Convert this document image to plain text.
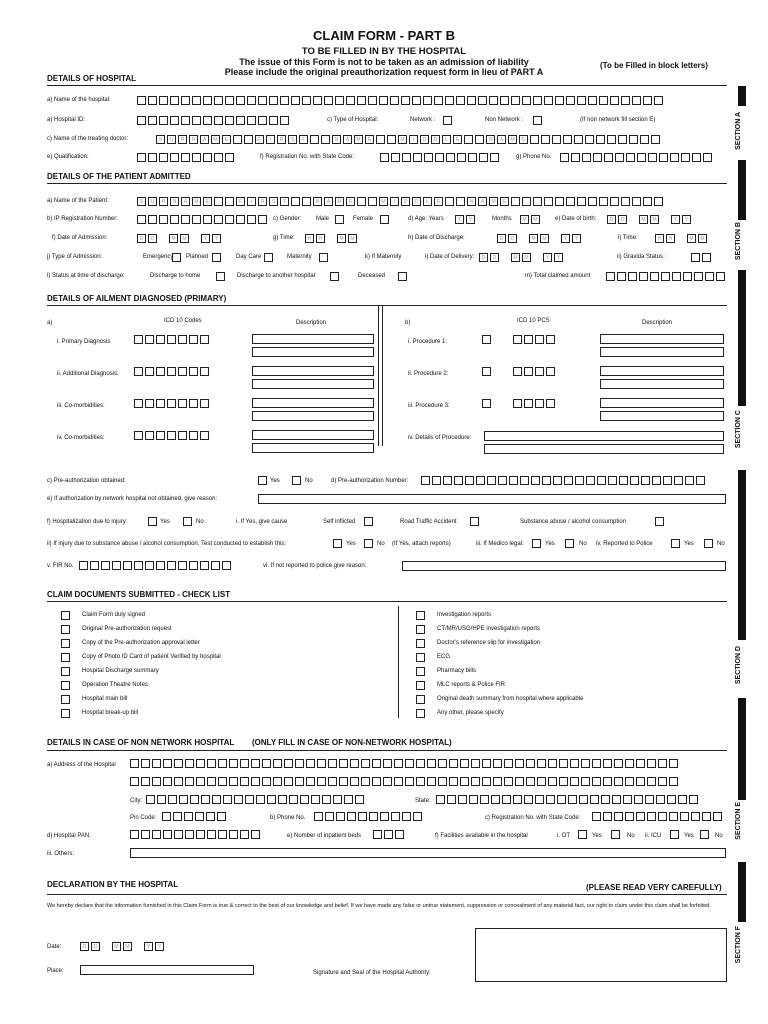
CLAIM FORM - PART B
TO BE FILLED IN BY THE HOSPITAL
The issue of this Form is not to be taken as an admission of liability
Please include the original preauthorization request form in lieu of PART A
(To be Filled in block letters)
SECTION A
SECTION B
SECTION C
SECTION D
SECTION E
SECTION F
DETAILS OF HOSPITAL
a) Name of the hospital:
a) Hospital ID:	c) Type of Hospital:	Network :	Non Network :	(If non network fill section E)
c) Name of the treating doctor:	S	U	R	N	A	M	E	F	I	R	S	T	N	A	M	E	M	I	D	D	L	E	N	A	M	E
e) Qualification:	f) Registration No. with State Code:	g) Phone No.
DETAILS OF THE PATIENT ADMITTED
a) Name of the Patient:	S	U	R	N	A	M	E	F	I	R	S	T	N	A	M	E	M	I	D	D	L	E	N	A	M	E
b) IP Registration Number:	c) Gender: Male	Female	d) Age: Years	Y	Y	Months	M	M	e) Date of birth:	D	D	M	M	Y	Y
f) Date of Admission:	D	D	M	M	Y	Y	g) Time:	H	H	M	M	h) Date of Discharge:	D	D	M	M	Y	Y	i) Time:	H	H	M	M
j) Type of Admission:	Emergency Planned	Day Care	Maternity	k) If Maternity	i) Date of Delivery:	D	D	M	M	Y	Y	ii) Gravida Status :
l) Status at time of discharge:	Discharge to home	Discharge to another hospital	Deceased	m) Total claimed amount
DETAILS OF AILMENT DIAGNOSED (PRIMARY)
a)	ICD 10 Codes	Description	b)	ICD 10 PCS	Description
i. Primary Diagnosis	i. Procedure 1:
ii. Additional Diagnosis:	ii. Procedure 2:
iii. Co-morbidities:	iii. Procedure 3:
iv. Co-morbidities:	iv. Details of Procedure:
c) Pre-authorization obtained:	Yes	No	d) Pre-authorization Number:
e) If authorization by network hospital not obtained, give reason:
f) Hospitalization due to injury:	Yes	No	i. If Yes, give cause	Self inflicted	Road Traffic Accident	Substance abuse / alcohol consumption
ii) If injury due to substance abuse / alcohol consumption, Test conducted to establish this:	Yes	No (If Yes, attach reports)	iii. If Medico legal:	Yes	No iv. Reported to Police	Yes	No
v. FIR No.	vi. If not reported to police give reason:
CLAIM DOCUMENTS SUBMITTED - CHECK LIST
Claim Form duly signed
Original Pre-authorization request
Copy of the Pre-authorization approval letter
Copy of Photo ID Card of patient Verified by hospital
Hospital Discharge summary
Operation Theatre Notes
Hospital main bill
Hospital break-up bill
Investigation reports
CT/MR/USG/HPE investigation reports
Doctor's reference slip for investigation
ECG
Pharmacy bills
MLC reports & Police FIR
Original death summary from hospital where applicable
Any other, please specify
DETAILS IN CASE OF NON NETWORK HOSPITAL (ONLY FILL IN CASE OF NON-NETWORK HOSPITAL)
a) Address of the Hospital
City:	State:
Pin Code:	b) Phone No.	c) Registration No. with State Code:
d) Hospital PAN:	e) Number of inpatient beds	f) Facilities available in the hospital	i. OT	Yes	No ii. ICU	Yes	No
iii. Others:
DECLARATION BY THE HOSPITAL	(PLEASE READ VERY CAREFULLY)
We hereby declare that the information furnished in this Claim Form is true & correct to the best of our knowledge and belief. If we have made any false or untrue statement, suppression or concealment of any material fact, our right to claim under this claim shall be forfeited.
Date:	D	D	M	M	Y	Y
Place:	Signature and Seal of the Hospital Authority:
